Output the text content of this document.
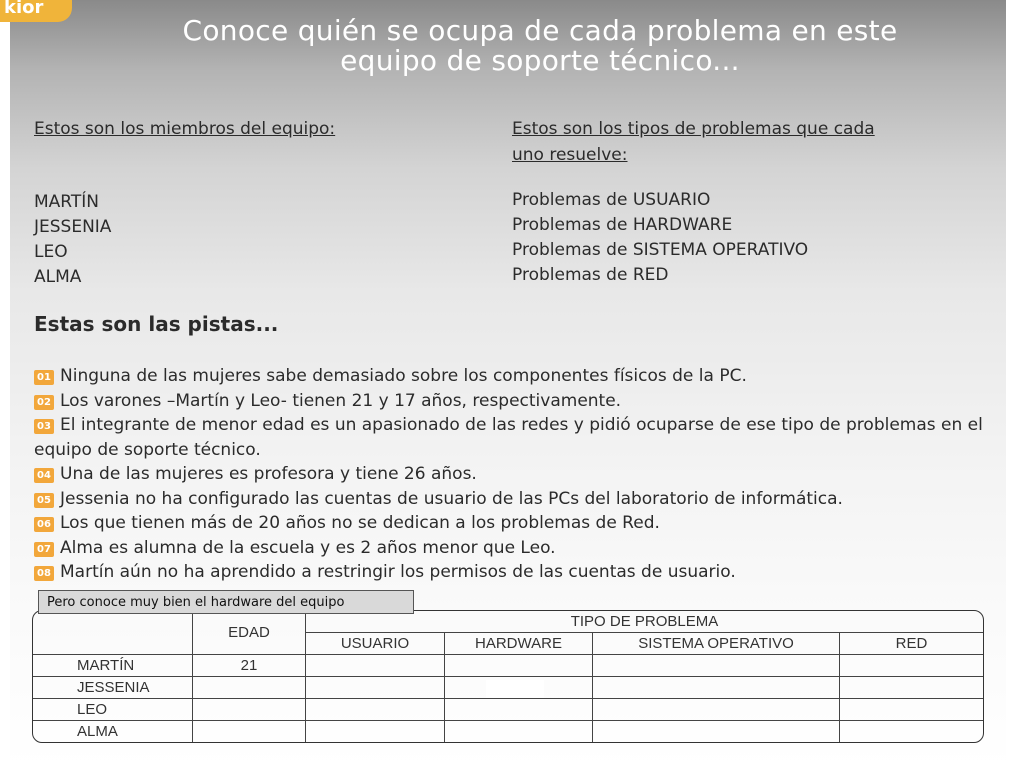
kior
Conoce quién se ocupa de cada problema en este
equipo de soporte técnico...
Estos son los miembros del equipo:	Estos son los tipos de problemas que cada
uno resuelve:
MARTÍN
JESSENIA
LEO
ALMA
Problemas de USUARIO
Problemas de HARDWARE
Problemas de SISTEMA OPERATIVO
Problemas de RED
Estas son las pistas...
01 Ninguna de las mujeres sabe demasiado sobre los componentes físicos de la PC.
02 Los varones –Martín y Leo- tienen 21 y 17 años, respectivamente.
03 El integrante de menor edad es un apasionado de las redes y pidió ocuparse de ese tipo de problemas en el equipo de soporte técnico.
04 Una de las mujeres es profesora y tiene 26 años.
05 Jessenia no ha configurado las cuentas de usuario de las PCs del laboratorio de informática.
06 Los que tienen más de 20 años no se dedican a los problemas de Red.
07 Alma es alumna de la escuela y es 2 años menor que Leo.
08 Martín aún no ha aprendido a restringir los permisos de las cuentas de usuario.
	EDAD	TIPO DE PROBLEMA			
		USUARIO	HARDWARE	SISTEMA OPERATIVO	RED
MARTÍN	21				
JESSENIA					
LEO					
ALMA					
Pero conoce muy bien el hardware del equipo
